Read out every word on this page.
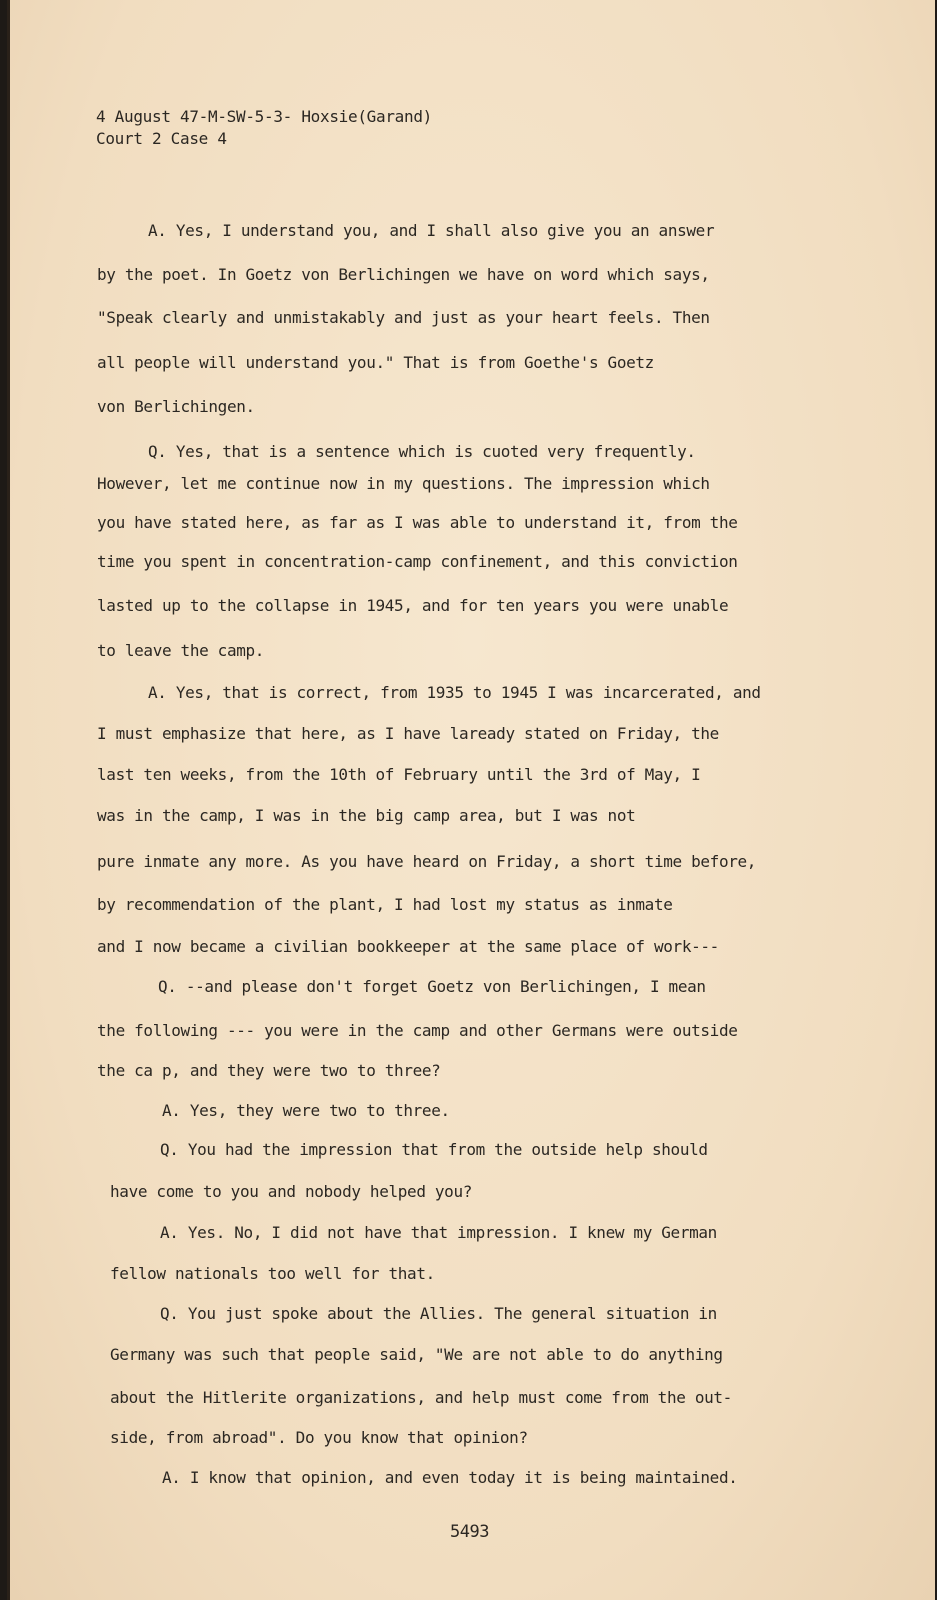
4 August 47-M-SW-5-3- Hoxsie(Garand)
Court 2 Case 4
A. Yes, I understand you, and I shall also give you an answer
by the poet. In Goetz von Berlichingen we have on word which says,
"Speak clearly and unmistakably and just as your heart feels. Then
all people will understand you." That is from Goethe's Goetz
von Berlichingen.
Q. Yes, that is a sentence which is cuoted very frequently.
However, let me continue now in my questions. The impression which
you have stated here, as far as I was able to understand it, from the
time you spent in concentration-camp confinement, and this conviction
lasted up to the collapse in 1945, and for ten years you were unable
to leave the camp.
A. Yes, that is correct, from 1935 to 1945 I was incarcerated, and
I must emphasize that here, as I have laready stated on Friday, the
last ten weeks, from the 10th of February until the 3rd of May, I
was in the camp, I was in the big camp area, but I was not
pure inmate any more. As you have heard on Friday, a short time before,
by recommendation of the plant, I had lost my status as inmate
and I now became a civilian bookkeeper at the same place of work---
Q. --and please don't forget Goetz von Berlichingen, I mean
the following --- you were in the camp and other Germans were outside
the ca p, and they were two to three?
A. Yes, they were two to three.
Q. You had the impression that from the outside help should
have come to you and nobody helped you?
A. Yes. No, I did not have that impression. I knew my German
fellow nationals too well for that.
Q. You just spoke about the Allies. The general situation in
Germany was such that people said, "We are not able to do anything
about the Hitlerite organizations, and help must come from the out-
side, from abroad". Do you know that opinion?
A. I know that opinion, and even today it is being maintained.
5493
